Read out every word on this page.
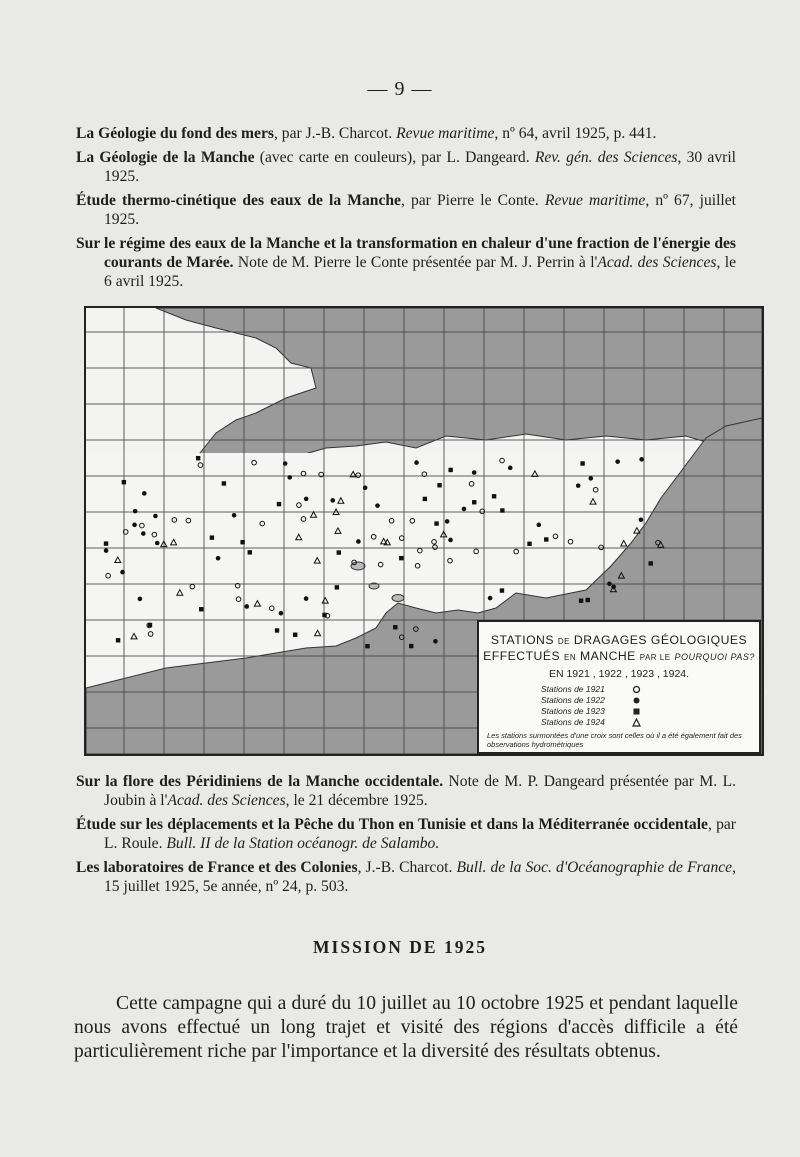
— 9 —

La Géologie du fond des mers, par J.-B. Charcot. Revue maritime, nº 64, avril 1925, p. 441.

La Géologie de la Manche (avec carte en couleurs), par L. Dangeard. Rev. gén. des Sciences, 30 avril 1925.

Étude thermo-cinétique des eaux de la Manche, par Pierre le Conte. Revue maritime, nº 67, juillet 1925.

Sur le régime des eaux de la Manche et la transformation en chaleur d'une fraction de l'énergie des courants de Marée. Note de M. Pierre le Conte présentée par M. J. Perrin à l'Acad. des Sciences, le 6 avril 1925.

STATIONS DE DRAGAGES GÉOLOGIQUES
EFFECTUÉS EN MANCHE PAR LE POURQUOI PAS?
EN 1921 , 1922 , 1923 , 1924.
Stations de 1921
Stations de 1922
Stations de 1923
Stations de 1924
Les stations surmontées d'une croix sont celles où il a été également fait des observations hydrométriques

Sur la flore des Péridiniens de la Manche occidentale. Note de M. P. Dangeard présentée par M. L. Joubin à l'Acad. des Sciences, le 21 décembre 1925.

Étude sur les déplacements et la Pêche du Thon en Tunisie et dans la Méditerranée occidentale, par L. Roule. Bull. II de la Station océanogr. de Salambo.

Les laboratoires de France et des Colonies, J.-B. Charcot. Bull. de la Soc. d'Océanographie de France, 15 juillet 1925, 5e année, nº 24, p. 503.

MISSION DE 1925

Cette campagne qui a duré du 10 juillet au 10 octobre 1925 et pendant laquelle nous avons effectué un long trajet et visité des régions d'accès difficile a été particulièrement riche par l'importance et la diversité des résultats obtenus.
